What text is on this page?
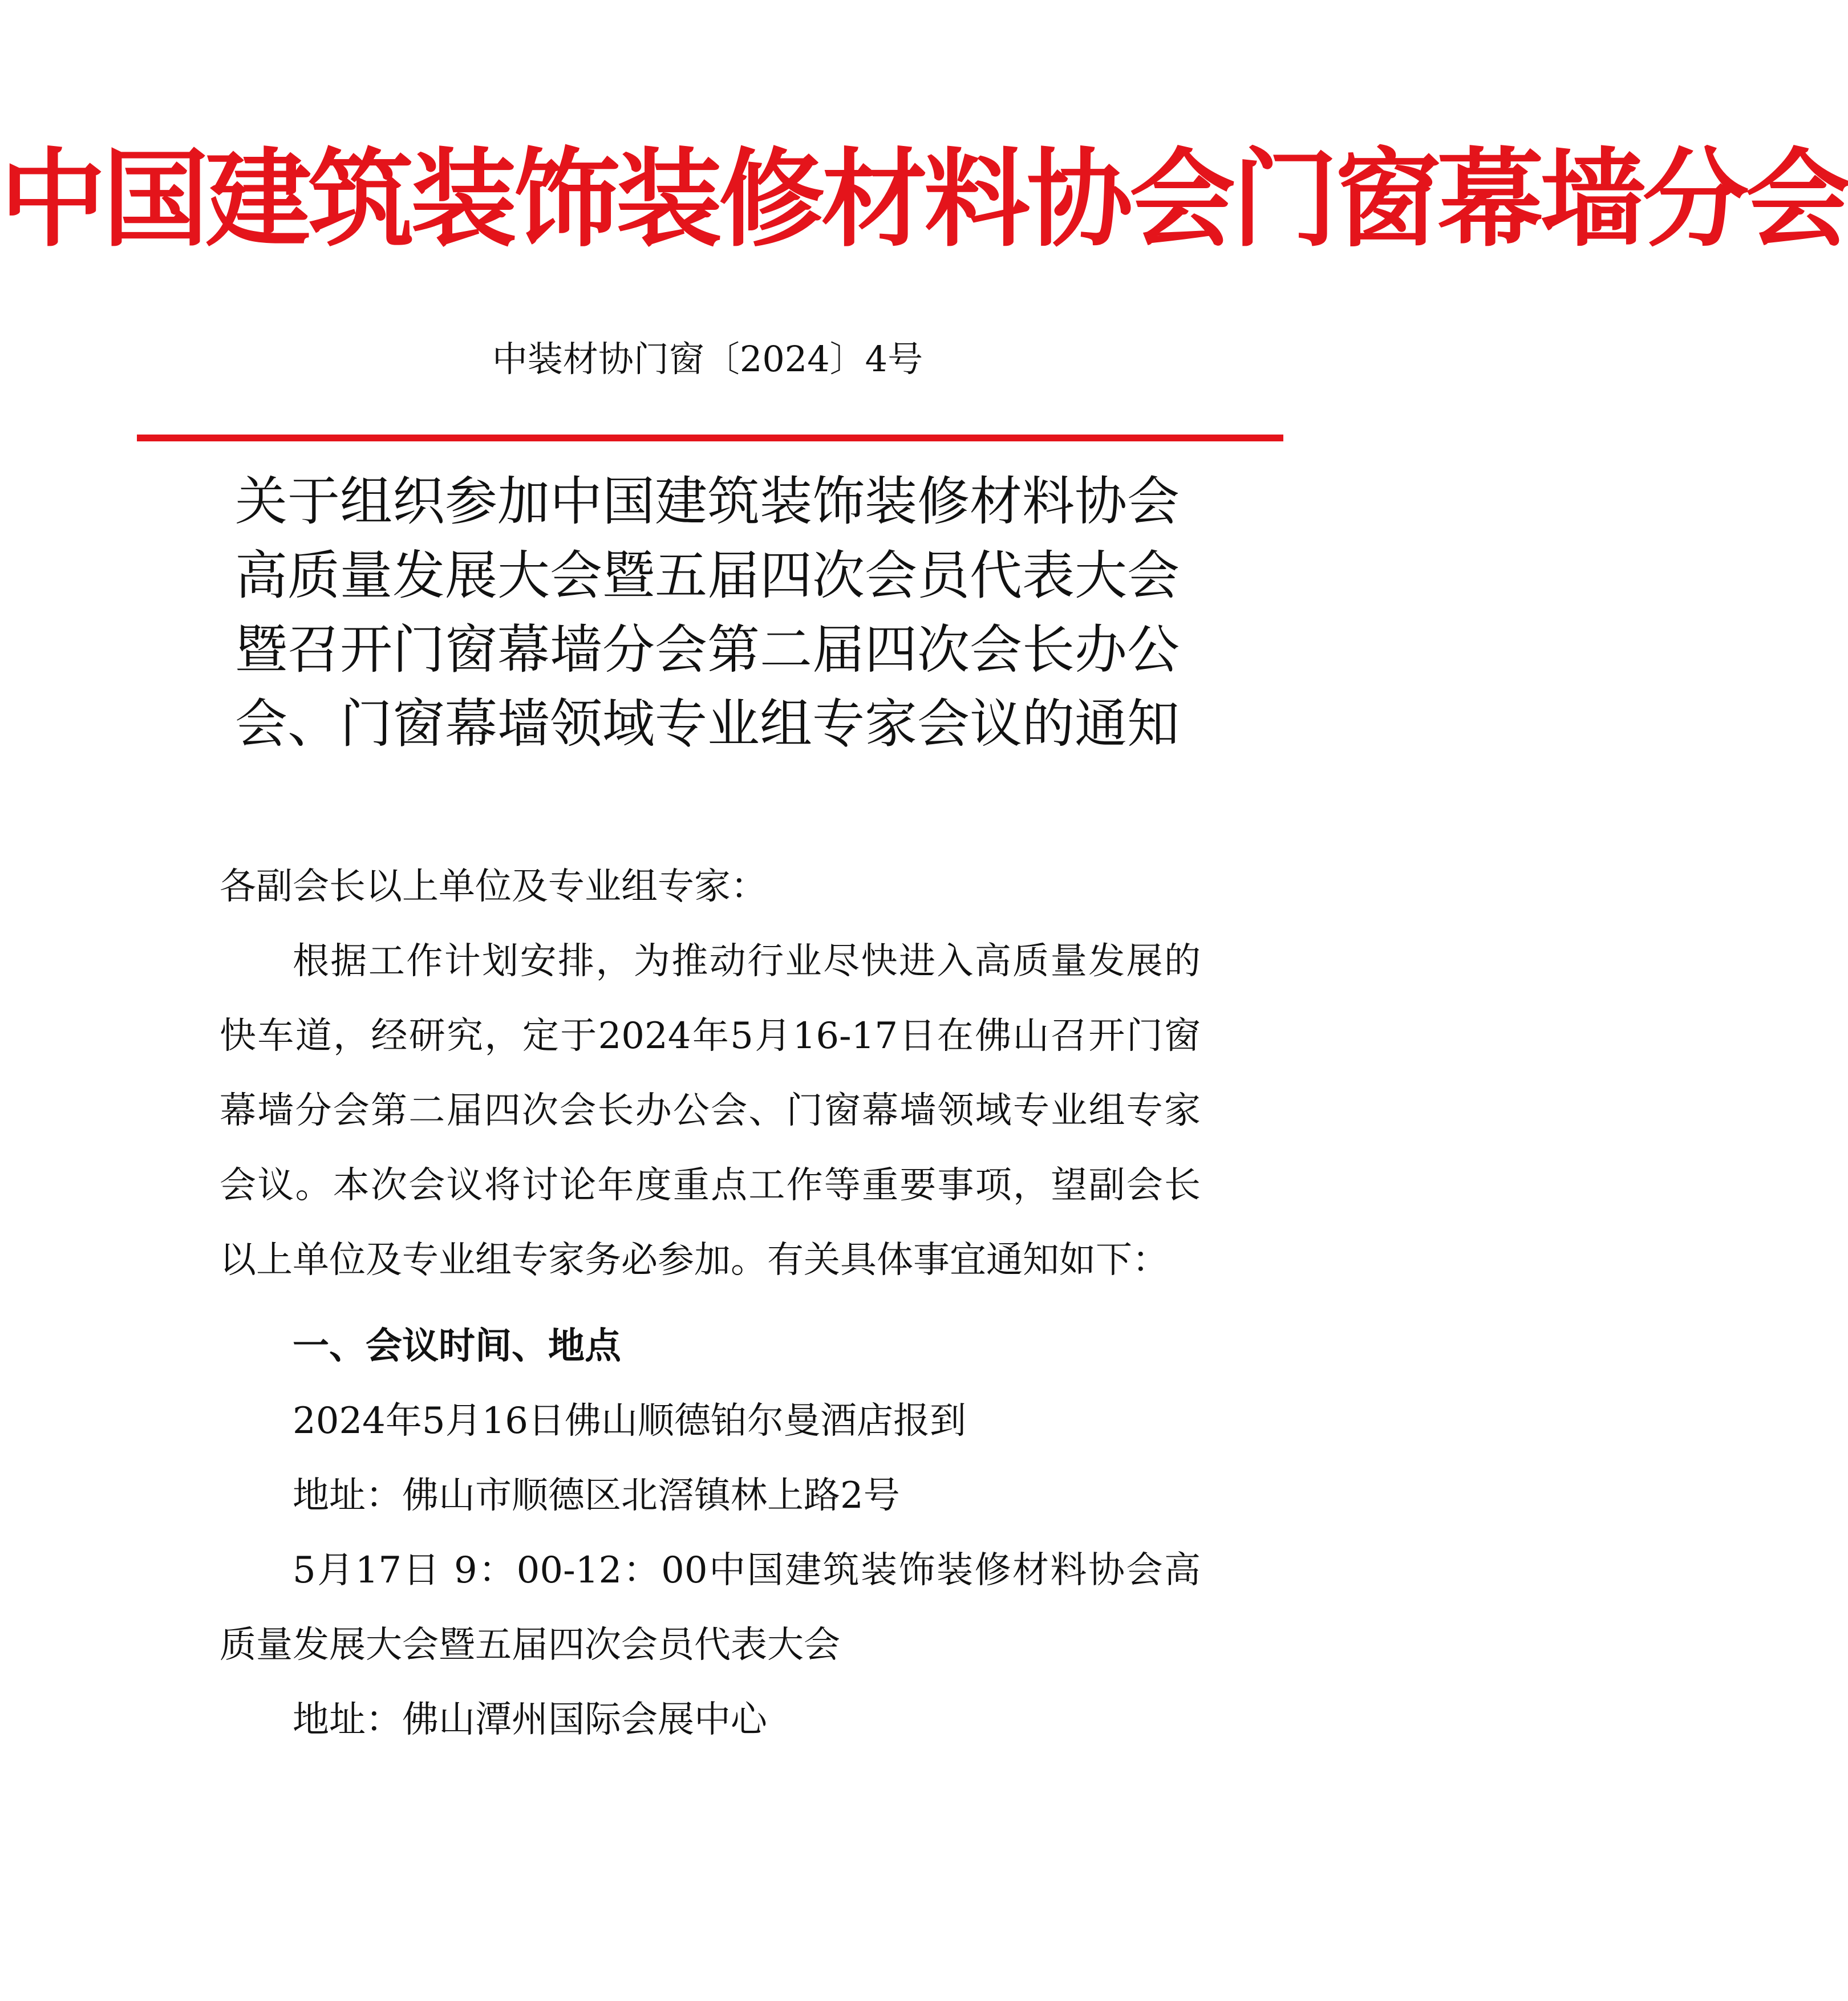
中国建筑装饰装修材料协会门窗幕墙分会
中装材协门窗〔2024〕4号
关于组织参加中国建筑装饰装修材料协会
高质量发展大会暨五届四次会员代表大会
暨召开门窗幕墙分会第二届四次会长办公
会、门窗幕墙领域专业组专家会议的通知

各副会长以上单位及专业组专家：

根据工作计划安排，为推动行业尽快进入高质量发展的快车道，经研究，定于2024年5月16-17日在佛山召开门窗幕墙分会第二届四次会长办公会、门窗幕墙领域专业组专家会议。本次会议将讨论年度重点工作等重要事项，望副会长以上单位及专业组专家务必参加。有关具体事宜通知如下：

一、会议时间、地点

2024年5月16日佛山顺德铂尔曼酒店报到

地址：佛山市顺德区北滘镇林上路2号

5月17日 9：00-12：00中国建筑装饰装修材料协会高质量发展大会暨五届四次会员代表大会

地址：佛山潭州国际会展中心
